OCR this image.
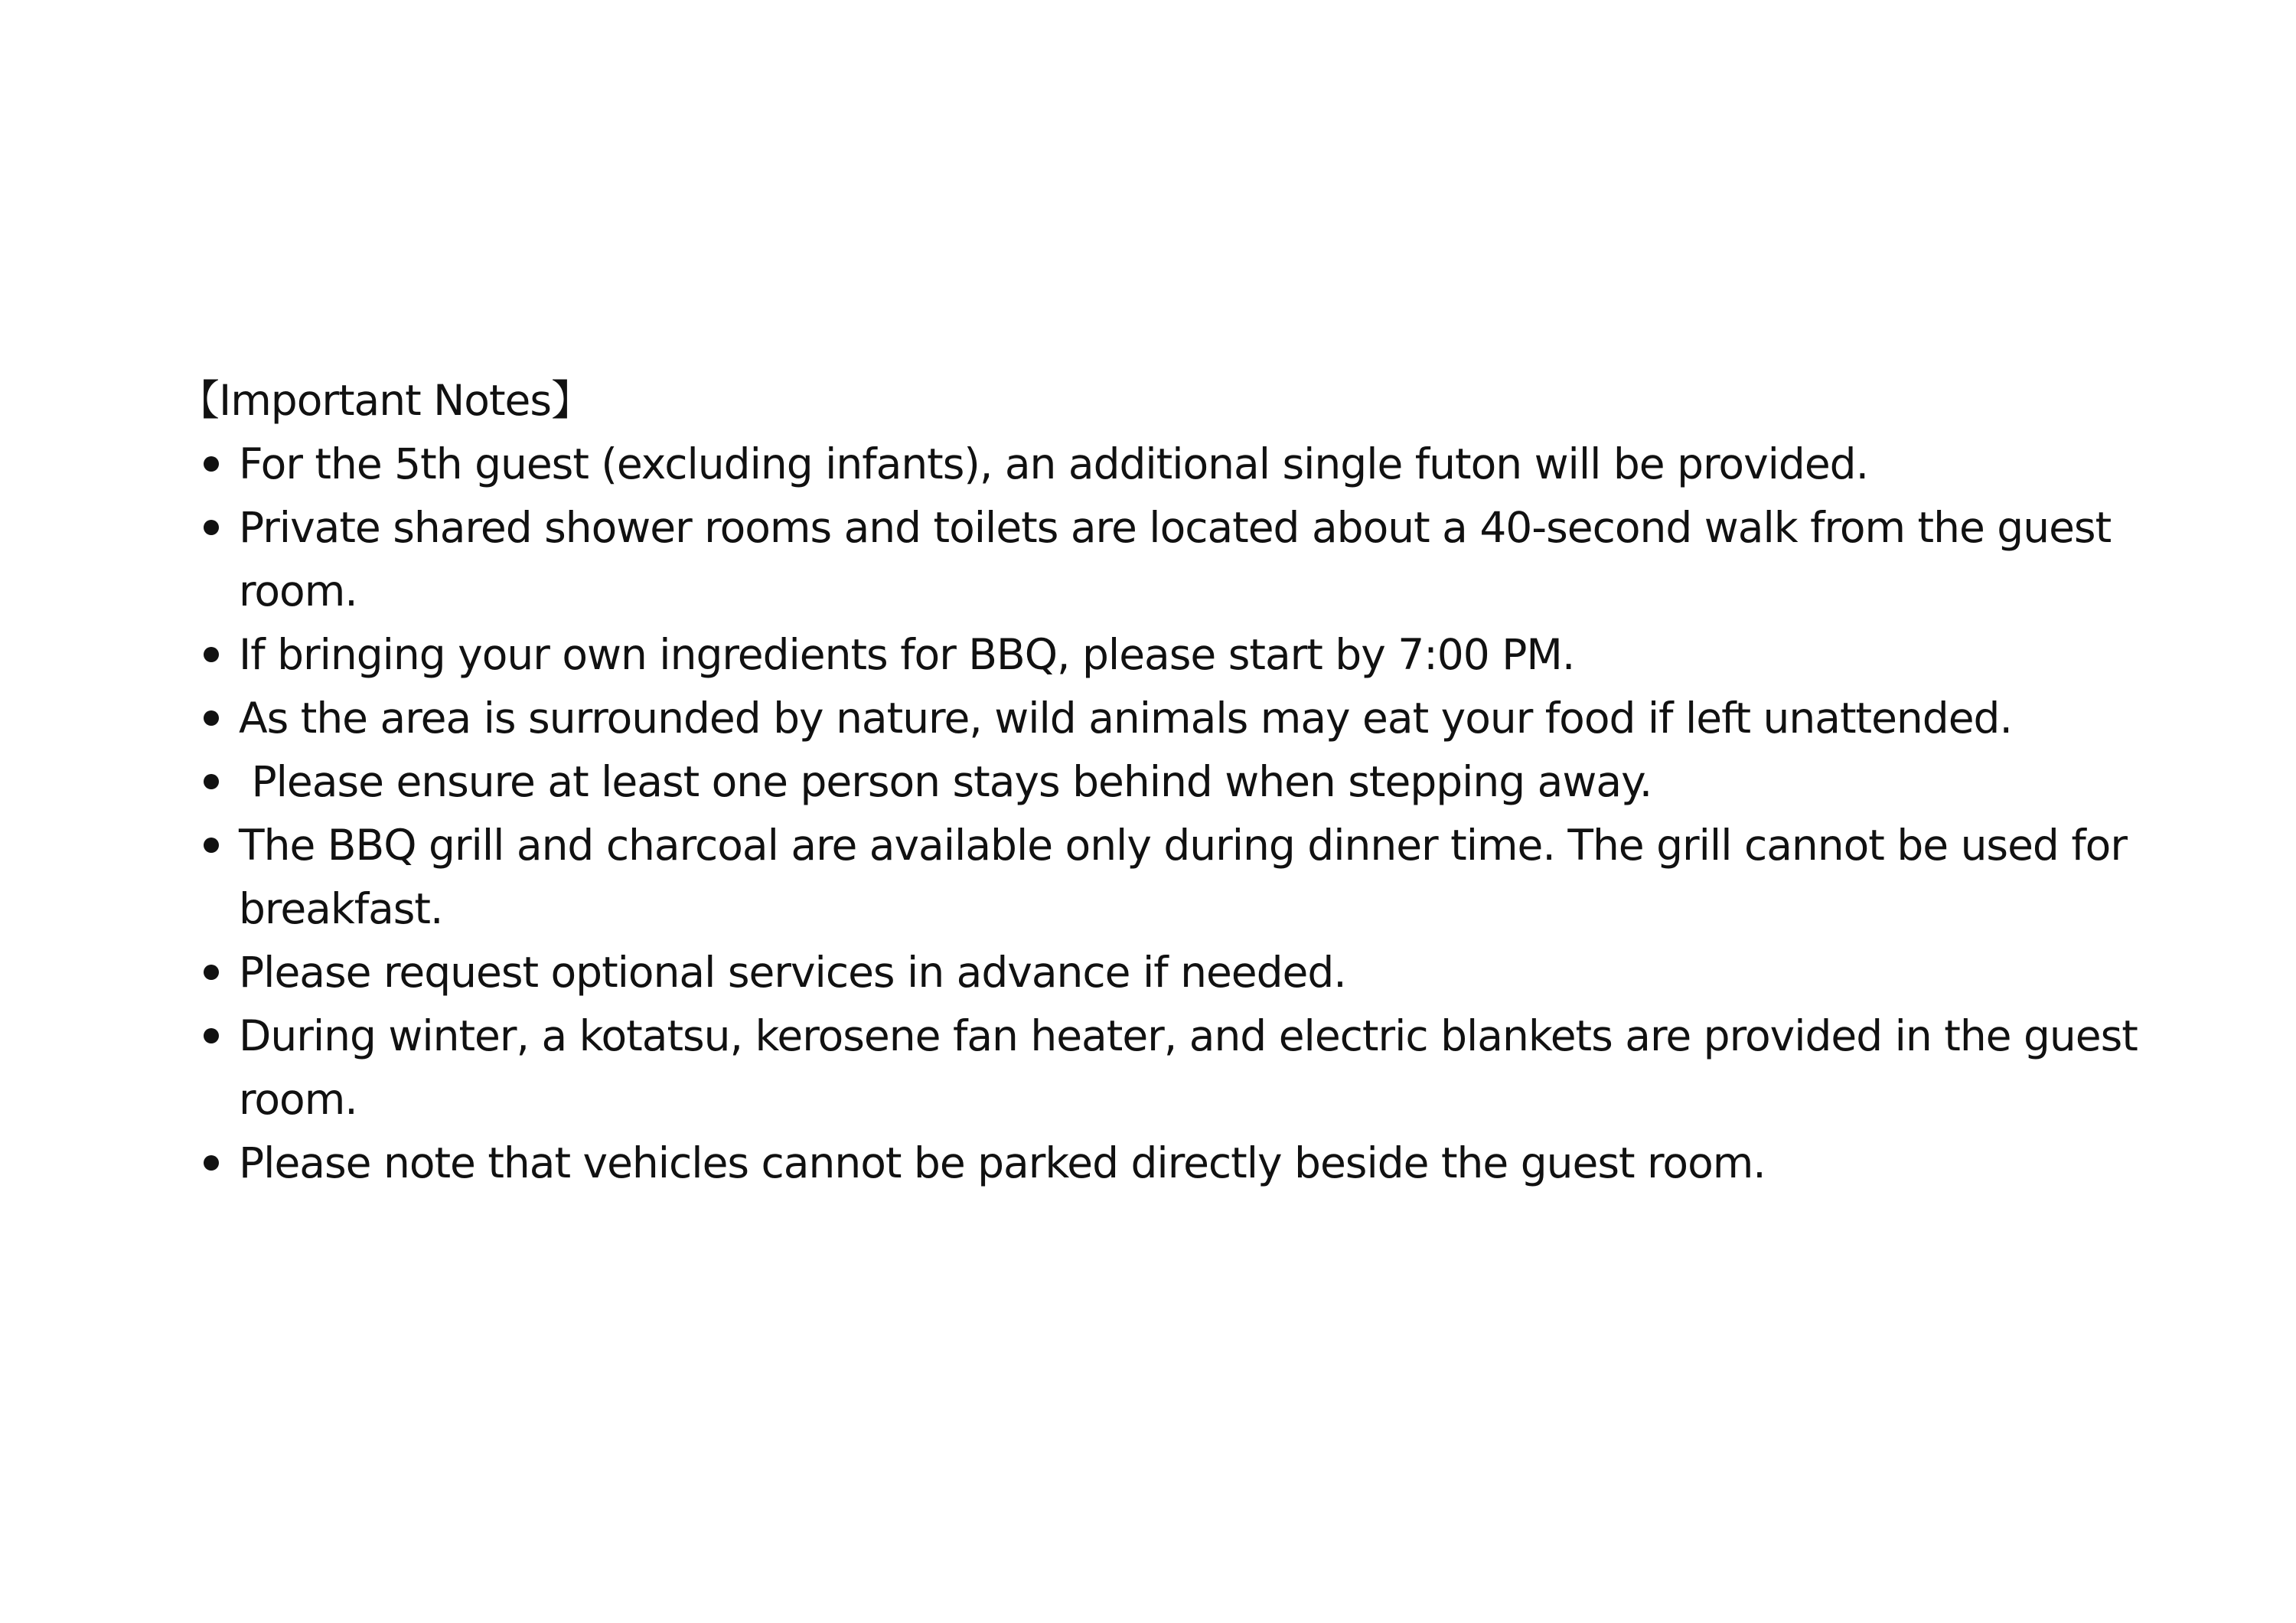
【Important Notes】
For the 5th guest (excluding infants), an additional single futon will be provided.
Private shared shower rooms and toilets are located about a 40-second walk from the guest room.
If bringing your own ingredients for BBQ, please start by 7:00 PM.
As the area is surrounded by nature, wild animals may eat your food if left unattended.
Please ensure at least one person stays behind when stepping away.
The BBQ grill and charcoal are available only during dinner time. The grill cannot be used for breakfast.
Please request optional services in advance if needed.
During winter, a kotatsu, kerosene fan heater, and electric blankets are provided in the guest room.
Please note that vehicles cannot be parked directly beside the guest room.
